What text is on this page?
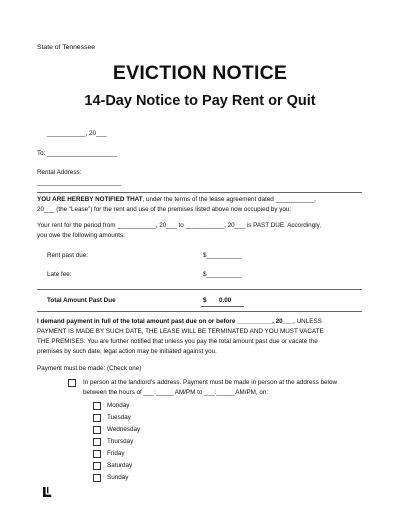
State of Tennessee
EVICTION NOTICE
14-Day Notice to Pay Rent or Quit
___________, 20___
To: ____________________
Rental Address:
________________________
YOU ARE HEREBY NOTIFIED THAT, under the terms of the lease agreement dated ___________,
20___ (the “Lease”) for the rent and use of the premises listed above now occupied by you:
Your rent for the period from ___________, 20___ to ___________, 20___ is PAST DUE. Accordingly,
you owe the following amounts:
Rent past due:	$__________
Late fee:	$__________
Total Amount Past Due	$ 0.00
I demand payment in full of the total amount past due on or before __________, 20___, UNLESS
PAYMENT IS MADE BY SUCH DATE, THE LEASE WILL BE TERMINATED AND YOU MUST VACATE
THE PREMISES. You are further notified that unless you pay the total amount past due or vacate the
premises by such date, legal action may be initiated against you.
Payment must be made: (Check one)
In person at the landlord’s address. Payment must be made in person at the address below
between the hours of ___:_____ AM/PM to ___:_____ AM/PM, on:
Monday
Tuesday
Wednesday
Thursday
Friday
Saturday
Sunday
